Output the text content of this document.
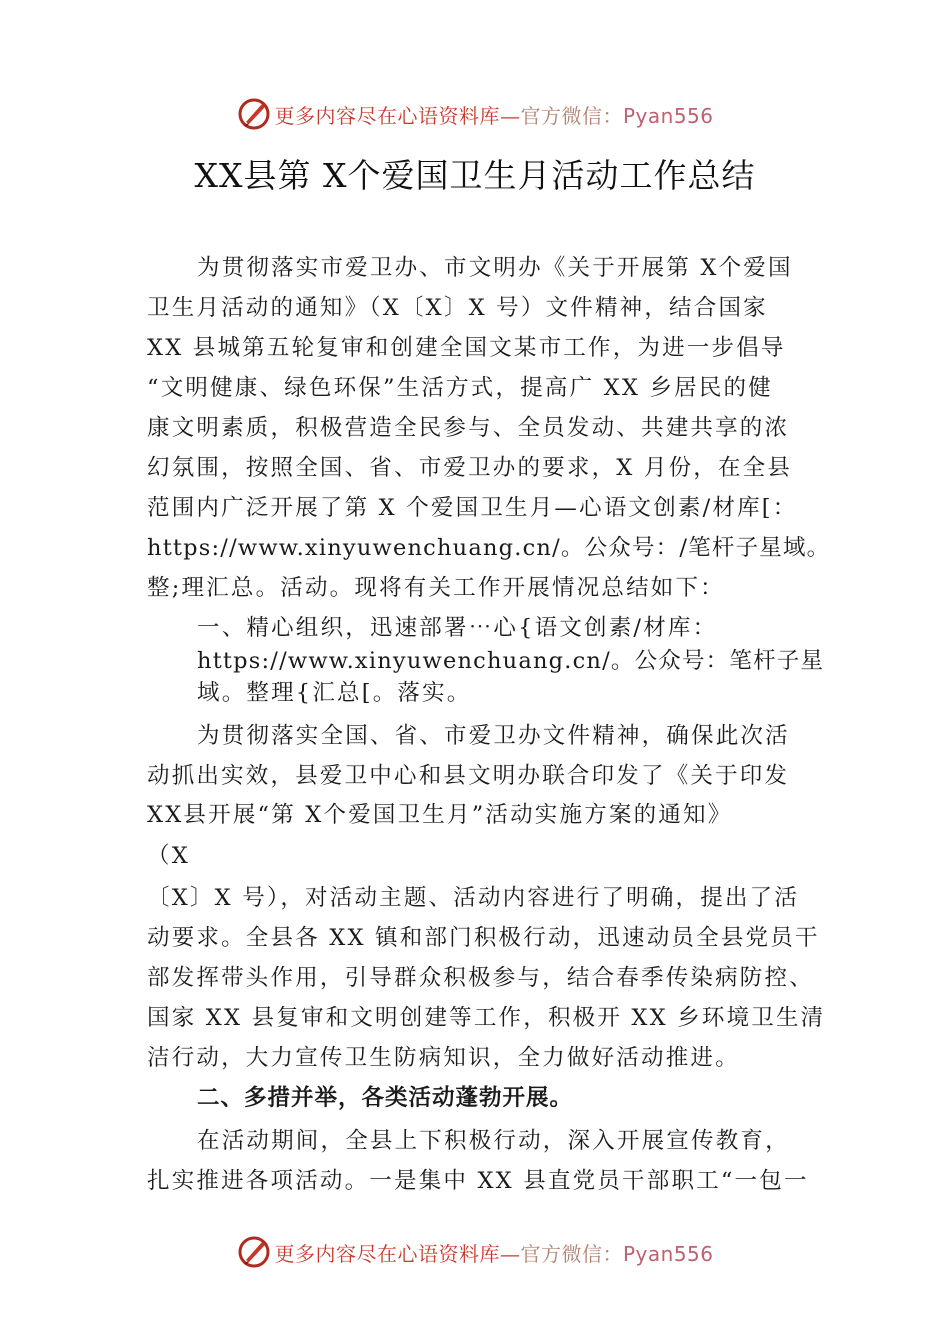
更多内容尽在心语资料库—官方微信：Pyan556
XX县第 X个爱国卫生月活动工作总结
为贯彻落实市爱卫办、市文明办《关于开展第 X个爱国
卫生月活动的通知》（X〔X〕X 号）文件精神，结合国家
XX 县城第五轮复审和创建全国文某市工作，为进一步倡导
“文明健康、绿色环保”生活方式，提高广 XX 乡居民的健
康文明素质，积极营造全民参与、全员发动、共建共享的浓
幻氛围，按照全国、省、市爱卫办的要求，X 月份，在全县
范围内广泛开展了第 X 个爱国卫生月—心语文创素/材库[：
https://www.xinyuwenchuang.cn/。公众号：/笔杆子星域。
整;理汇总。活动。现将有关工作开展情况总结如下：
一、精心组织，迅速部署⋯心{语文创素/材库：
https://www.xinyuwenchuang.cn/。公众号：笔杆子星
域。整理{汇总[。落实。
为贯彻落实全国、省、市爱卫办文件精神，确保此次活
动抓出实效，县爱卫中心和县文明办联合印发了《关于印发
XX县开展“第 X个爱国卫生月”活动实施方案的通知》
（X
〔X〕X 号），对活动主题、活动内容进行了明确，提出了活
动要求。全县各 XX 镇和部门积极行动，迅速动员全县党员干
部发挥带头作用，引导群众积极参与，结合春季传染病防控、
国家 XX 县复审和文明创建等工作，积极开 XX 乡环境卫生清
洁行动，大力宣传卫生防病知识，全力做好活动推进。
二、多措并举，各类活动蓬勃开展。
在活动期间，全县上下积极行动，深入开展宣传教育，
扎实推进各项活动。一是集中 XX 县直党员干部职工“一包一
更多内容尽在心语资料库—官方微信：Pyan556
